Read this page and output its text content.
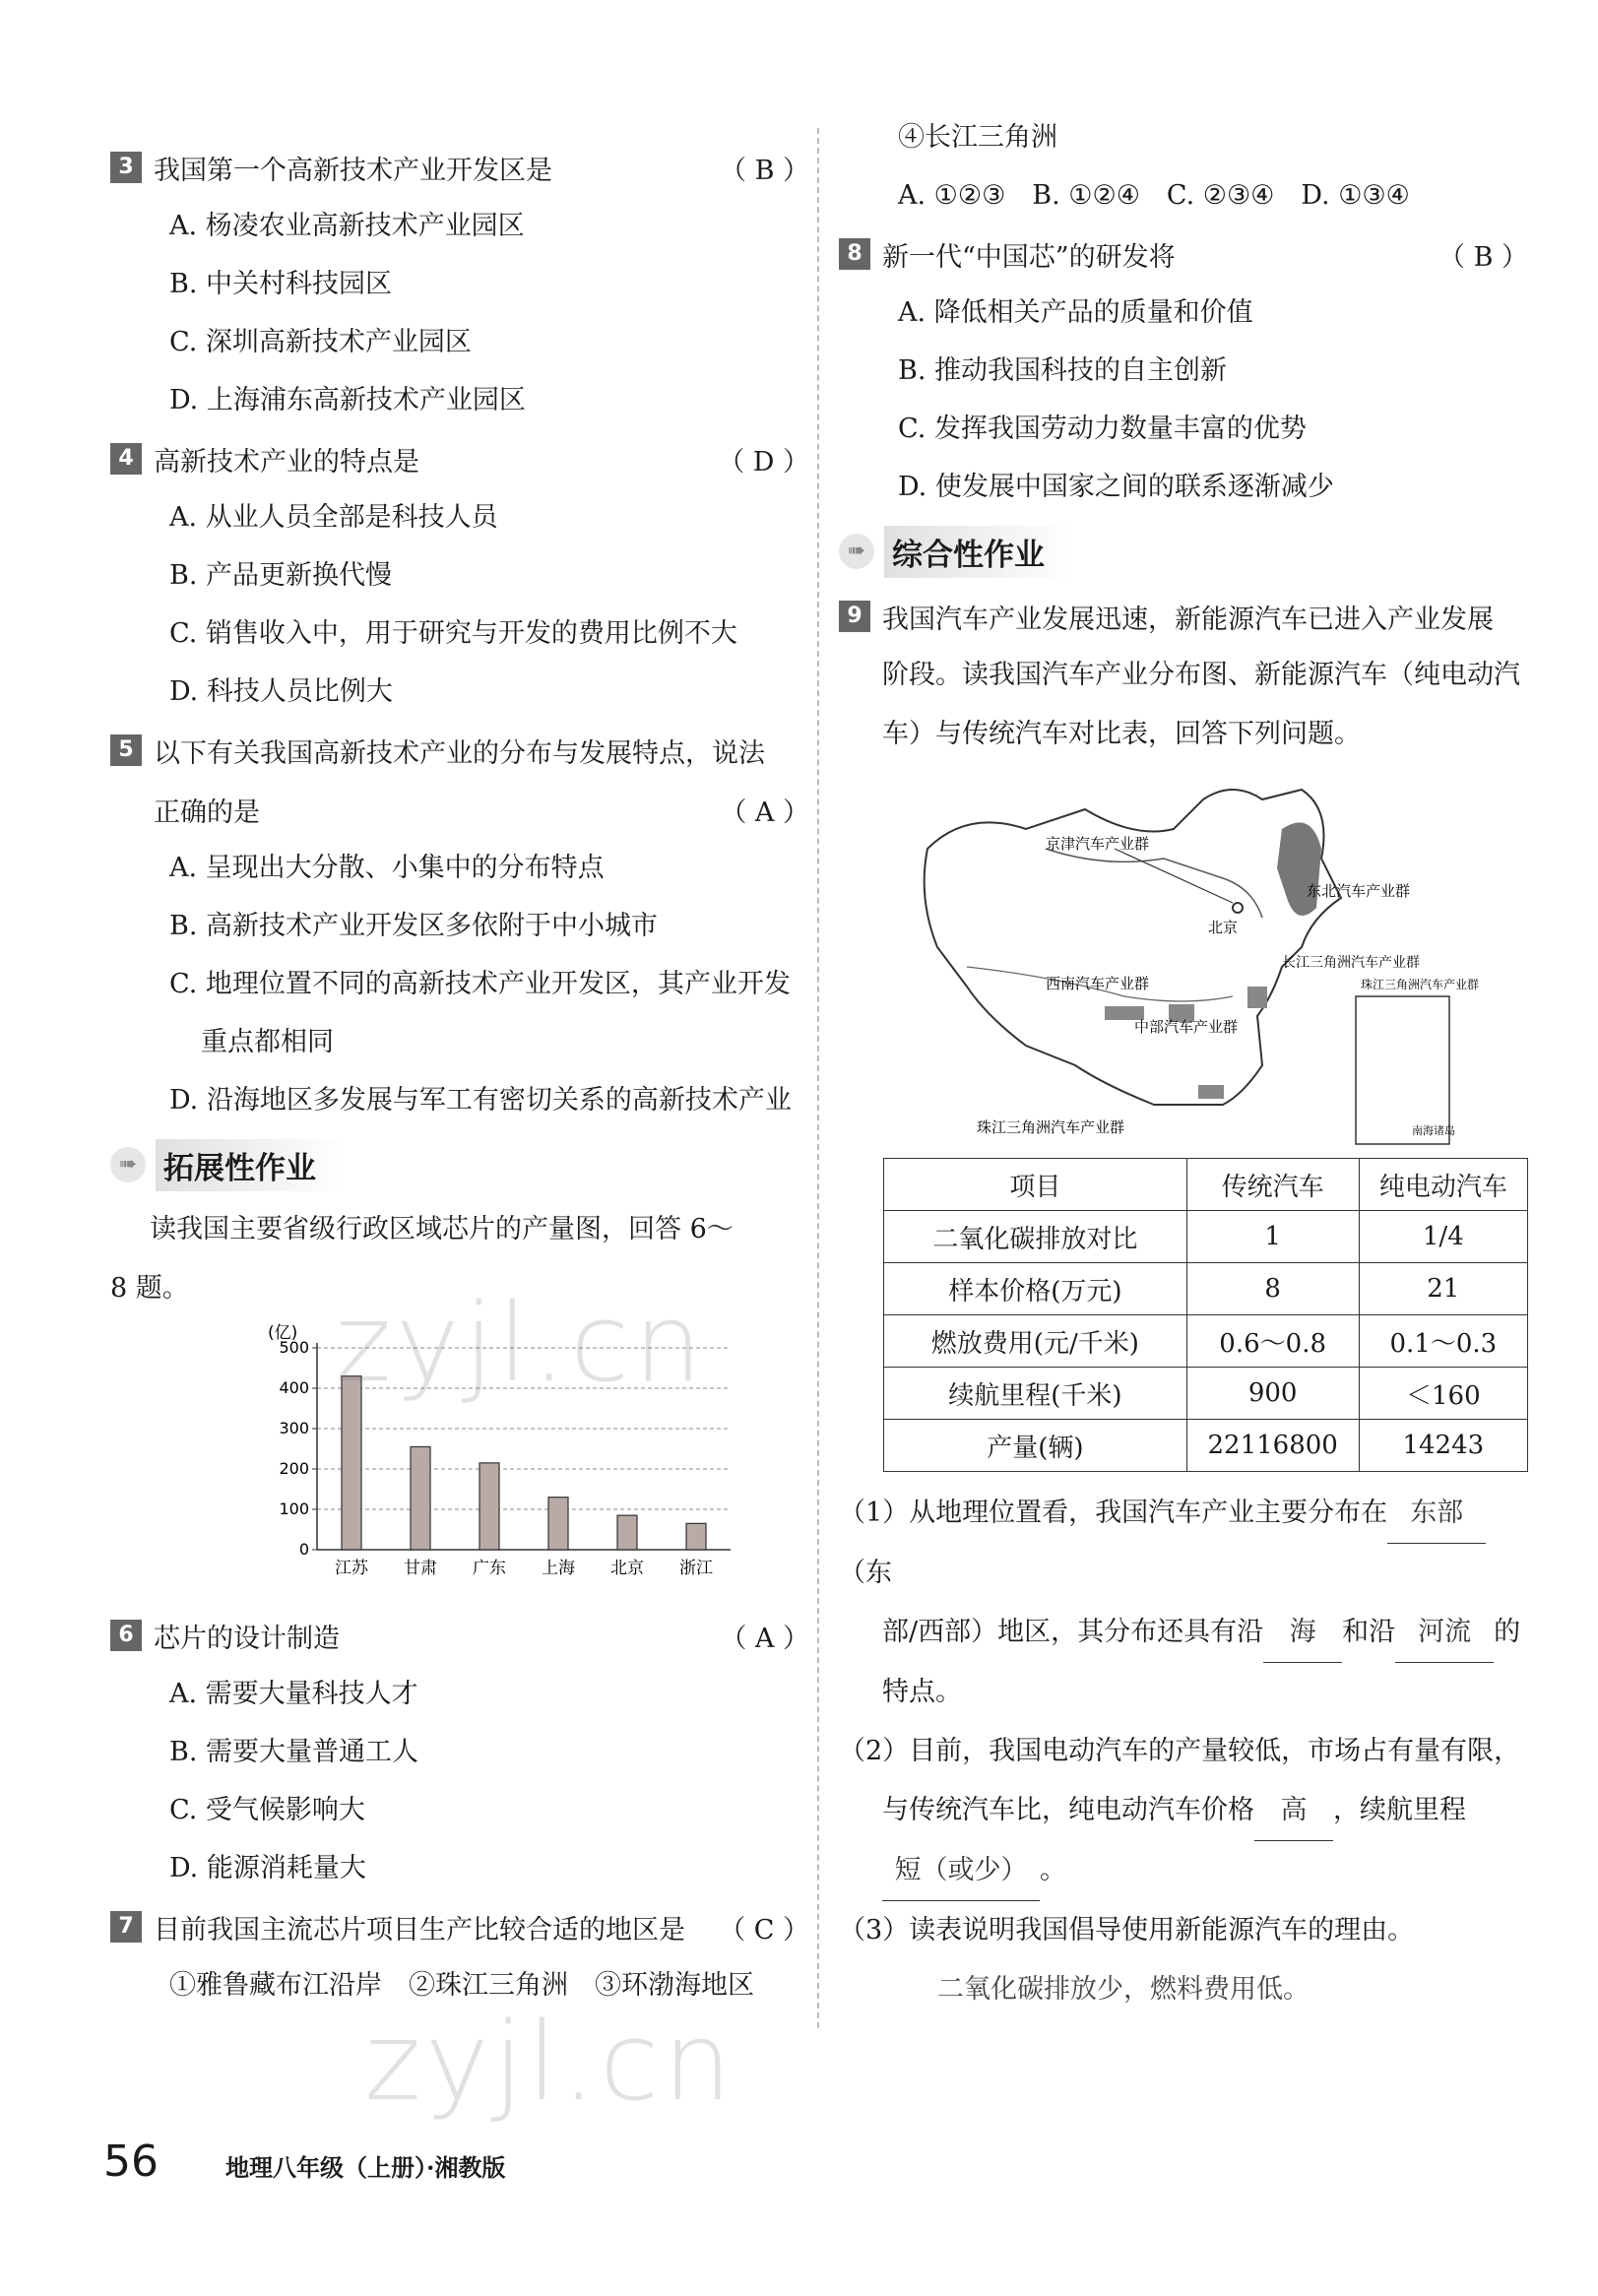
3 我国第一个高新技术产业开发区是	（ B ）
A. 杨凌农业高新技术产业园区
B. 中关村科技园区
C. 深圳高新技术产业园区
D. 上海浦东高新技术产业园区
4 高新技术产业的特点是	（ D ）
A. 从业人员全部是科技人员
B. 产品更新换代慢
C. 销售收入中，用于研究与开发的费用比例不大
D. 科技人员比例大
5 以下有关我国高新技术产业的分布与发展特点，说法
正确的是	（ A ）
A. 呈现出大分散、小集中的分布特点
B. 高新技术产业开发区多依附于中小城市
C. 地理位置不同的高新技术产业开发区，其产业开发
重点都相同
D. 沿海地区多发展与军工有密切关系的高新技术产业
➠ 拓展性作业
读我国主要省级行政区域芯片的产量图，回答 6～
8 题。
(亿)
0
100
200
300
400
500
江苏 甘肃 广东 上海 北京 浙江
6 芯片的设计制造	（ A ）
A. 需要大量科技人才
B. 需要大量普通工人
C. 受气候影响大
D. 能源消耗量大
7 目前我国主流芯片项目生产比较合适的地区是	（ C ）
①雅鲁藏布江沿岸　②珠江三角洲　③环渤海地区
④长江三角洲
A. ①②③　B. ①②④　C. ②③④　D. ①③④
8 新一代“中国芯”的研发将	（ B ）
A. 降低相关产品的质量和价值
B. 推动我国科技的自主创新
C. 发挥我国劳动力数量丰富的优势
D. 使发展中国家之间的联系逐渐减少
➠ 综合性作业
9 我国汽车产业发展迅速，新能源汽车已进入产业发展
阶段。读我国汽车产业分布图、新能源汽车（纯电动汽
车）与传统汽车对比表，回答下列问题。
京津汽车产业群
东北汽车产业群
北京
长江三角洲汽车产业群
西南汽车产业群
中部汽车产业群
珠江三角洲汽车产业群
珠江三角洲汽车产业群
南海诸岛
项目	传统汽车	纯电动汽车
二氧化碳排放对比	1	1/4
样本价格(万元)	8	21
燃放费用(元/千米)	0.6～0.8	0.1～0.3
续航里程(千米)	900	＜160
产量(辆)	22116800	14243
（1）从地理位置看，我国汽车产业主要分布在 东部（东
部/西部）地区，其分布还具有沿 海 和沿 河流 的
特点。
（2）目前，我国电动汽车的产量较低，市场占有量有限，
与传统汽车比，纯电动汽车价格 高 ，续航里程
短（或少） 。
（3）读表说明我国倡导使用新能源汽车的理由。
二氧化碳排放少，燃料费用低。
zyjl.cn
zyjl.cn
56	地理八年级（上册）·湘教版
